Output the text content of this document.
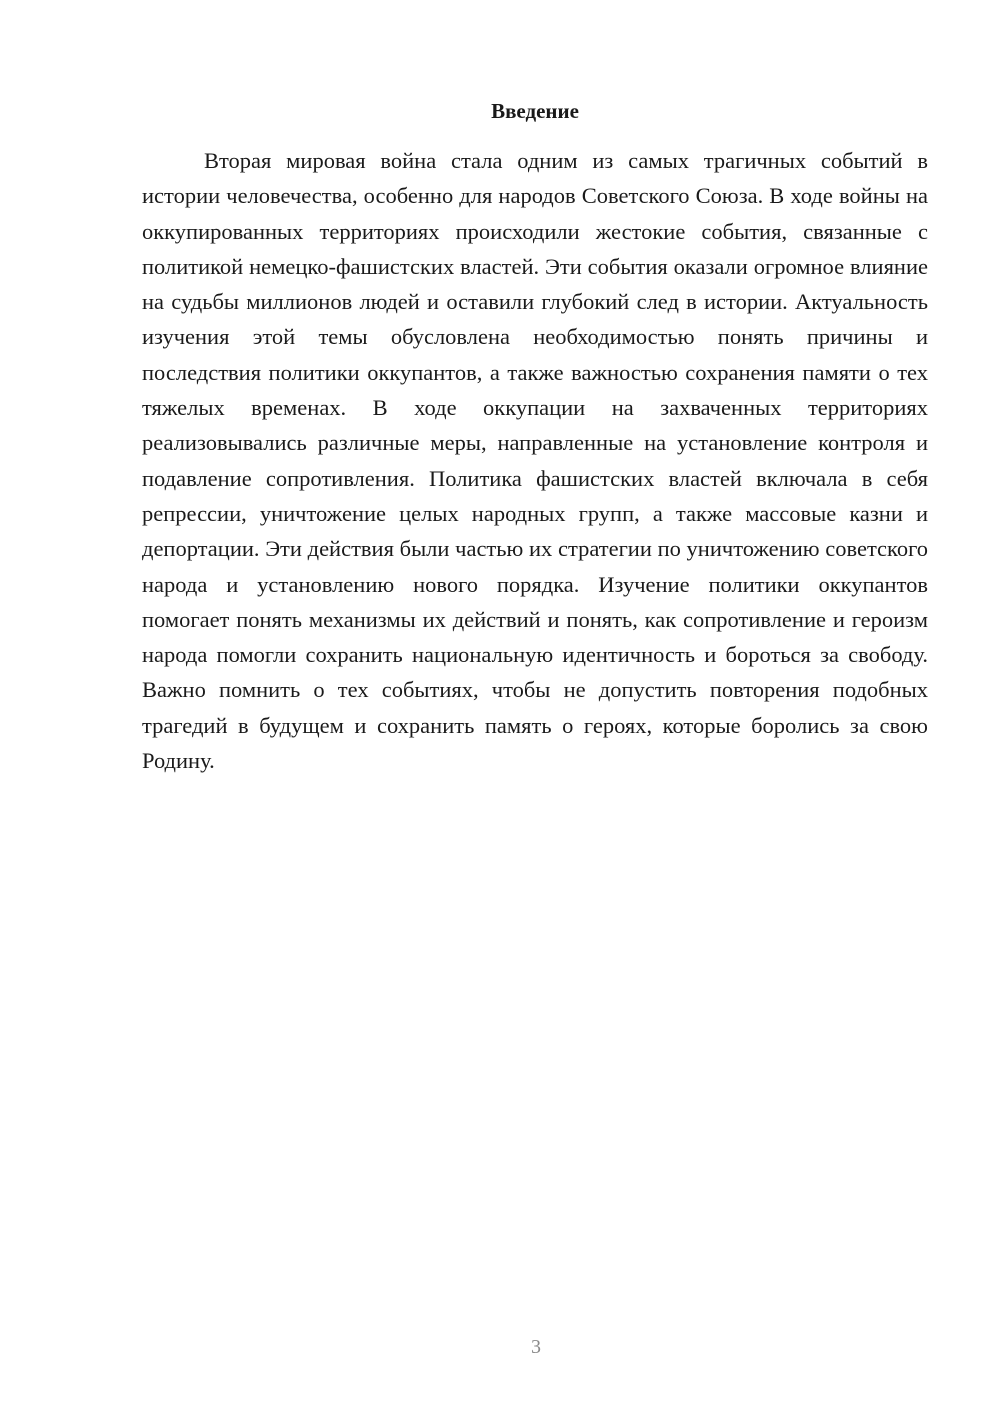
Введение

Вторая мировая война стала одним из самых трагичных событий в истории человечества, особенно для народов Советского Союза. В ходе войны на оккупированных территориях происходили жестокие события, связанные с политикой немецко-фашистских властей. Эти события оказали огромное влияние на судьбы миллионов людей и оставили глубокий след в истории. Актуальность изучения этой темы обусловлена необходимостью понять причины и последствия политики оккупантов, а также важностью сохранения памяти о тех тяжелых временах. В ходе оккупации на захваченных территориях реализовывались различные меры, направленные на установление контроля и подавление сопротивления. Политика фашистских властей включала в себя репрессии, уничтожение целых народных групп, а также массовые казни и депортации. Эти действия были частью их стратегии по уничтожению советского народа и установлению нового порядка. Изучение политики оккупантов помогает понять механизмы их действий и понять, как сопротивление и героизм народа помогли сохранить национальную идентичность и бороться за свободу. Важно помнить о тех событиях, чтобы не допустить повторения подобных трагедий в будущем и сохранить память о героях, которые боролись за свою Родину.

3
